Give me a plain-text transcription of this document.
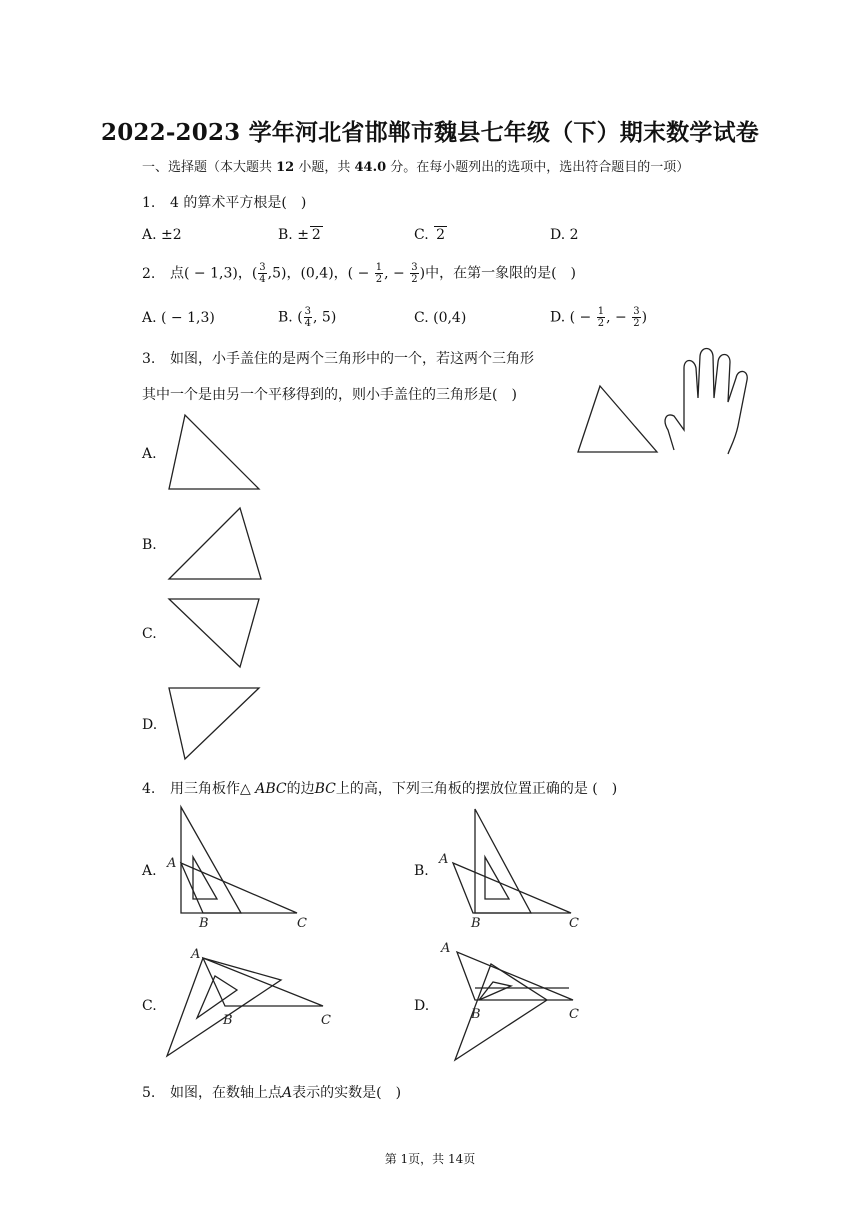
2022-2023 学年河北省邯郸市魏县七年级（下）期末数学试卷
一、选择题（本大题共 12 小题，共 44.0 分。在每小题列出的选项中，选出符合题目的一项）
1. 4 的算术平方根是( )
A. ±2	B. ± 2	C. 2	D. 2
2. 点( − 1,3)，( $\frac{3}{4} ,5$)，(0,4)，( − $\frac{1}{2}$ , − $\frac{3}{2}$ )中，在第一象限的是( )
A. ( − 1,3)	B. ( $\frac{3}{4}$ , 5)	C. (0,4)	D. ( − $\frac{1}{2}$ , − $\frac{3}{2}$ )
3. 如图，小手盖住的是两个三角形中的一个，若这两个三角形
其中一个是由另一个平移得到的，则小手盖住的三角形是( )
A.
B.
C.
D.
4. 用三角板作△ ABC的边BC上的高，下列三角板的摆放位置正确的是 ( )
A. A
B	C
B.
A
B	C
C.
A
B	C
D.
A
B	C
5. 如图，在数轴上点A表示的实数是( )
第 1页，共 14页
